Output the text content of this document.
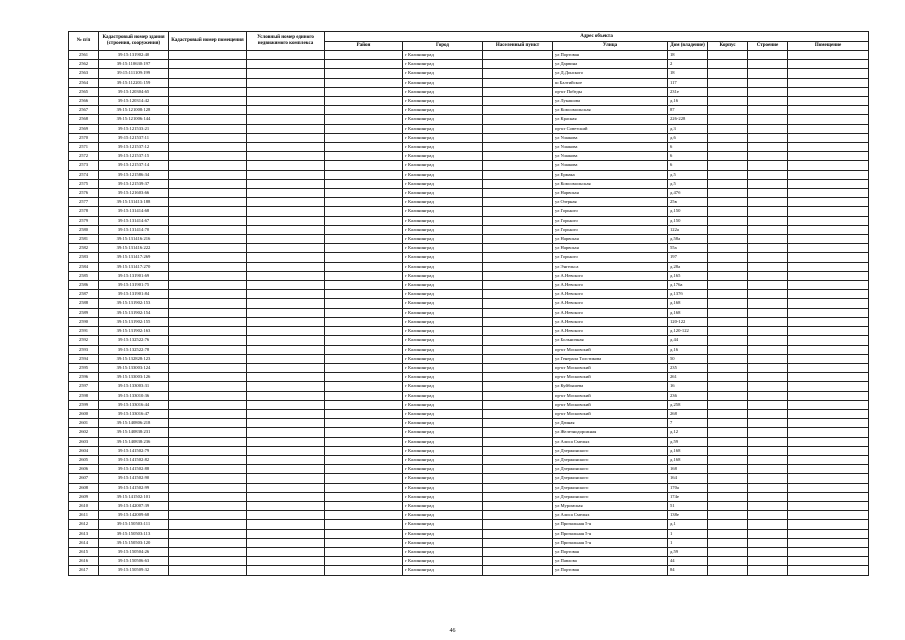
№ п/п	Кадастровый номер здания (строения, сооружения)	Кадастровый номер помещения	Условный номер единого недвижимого комплекса	Адрес объекта							
				Район	Город	Населенный пункт	Улица	Дом (владение)	Корпус	Строение	Помещение
2561	39:15:131902:40				г Калининград		ул Портовая	18			
2562	39:15:110630:197				г Калининград		ул Дарвина	2			
2563	39:15:111109:199				г Калининград		ул Д.Донского	18			
2564	39:15:112201:159				г Калининград		ш Балтийское	117			
2565	39:15:120304:65				г Калининград		пр-кт Победы	231е			
2566	39:15:120314:42				г Калининград		ул Лукашова	д.16			
2567	39:15:121008:128				г Калининград		ул Комсомольская	87			
2568	39:15:121006:144				г Калининград		ул Красная	226-228			
2569	39:15:121533:21				г Калининград		пр-кт Советский	д.3			
2570	39:15:121537:11				г Калининград		ул Ушакова	д.6			
2571	39:15:121537:12				г Калининград		ул Ушакова	6			
2572	39:15:121537:15				г Калининград		ул Ушакова	6			
2573	39:15:121537:14				г Калининград		ул Ушакова	6			
2574	39:15:121586:34				г Калининград		ул Ермака	д.5			
2575	39:15:121539:37				г Калининград		ул Комсомольская	д.5			
2576	39:15:121603:66				г Калининград		ул Нарвская	д.47б			
2577	39:15:131413:188				г Калининград		ул Озерная	25в			
2578	39:15:131414:68				г Калининград		ул Горького	д.150			
2579	39:15:131414:67				г Калининград		ул Горького	д.150			
2580	39:15:131414:70				г Калининград		ул Горького	122а			
2581	39:15:131416:216				г Калининград		ул Нарвская	д.58а			
2582	39:15:131416:222				г Калининград		ул Нарвская	55а			
2583	39:15:131417:269				г Калининград		ул Горького	197			
2584	39:15:131417:270				г Калининград		ул Энгельса	д.28а			
2585	39:15:131901:69				г Калининград		ул А.Невского	д.165			
2586	39:15:131901:75				г Калининград		ул А.Невского	д.176а			
2587	39:15:131901:84				г Калининград		ул А.Невского	д.137б			
2588	39:15:131902:153				г Калининград		ул А.Невского	д.168			
2589	39:15:131902:154				г Калининград		ул А.Невского	д.168			
2590	39:15:131902:155				г Калининград		ул А.Невского	120-122			
2591	39:15:131902:163				г Калининград		ул А.Невского	д.120-122			
2592	39:15:132522:76				г Калининград		ул Больничная	д.44			
2593	39:15:132522:78				г Калининград		пр-кт Московский	д.16			
2594	39:15:132828:123				г Калининград		ул Генерала Толстикова	50			
2595	39:15:133003:124				г Калининград		пр-кт Московский	235			
2596	39:15:133003:126				г Калининград		пр-кт Московский	261			
2597	39:15:133003:31				г Калининград		ул Куйбышева	16			
2598	39:15:133010:36				г Калининград		пр-кт Московский	236			
2599	39:15:133016:44				г Калининград		пр-кт Московский	д.258			
2600	39:15:133016:47				г Калининград		пр-кт Московский	268			
2601	39:15:140806:218				г Калининград		ул Дачная	7			
2602	39:15:140838:231				г Калининград		ул Железнодорожная	д.12			
2603	39:15:140838:236				г Калининград		ул Алиса Смелых	д.59			
2604	39:15:141502:79				г Калининград		ул Дзержинского	д.168			
2605	39:15:141502:82				г Калининград		ул Дзержинского	д.168			
2606	39:15:141502:88				г Калининград		ул Дзержинского	168			
2607	39:15:141502:90				г Калининград		ул Дзержинского	164			
2608	39:15:141502:99				г Калининград		ул Дзержинского	170а			
2609	39:15:141502:101				г Калининград		ул Дзержинского	174е			
2610	39:15:142007:39				г Калининград		ул Муромская	51			
2611	39:15:142009:68				г Калининград		ул Алиса Смелых	138е			
2612	39:15:150503:111				г Калининград		ул Причальная 5-я	д.1			
2613	39:15:150503:113				г Калининград		ул Причальная 5-я	1			
2614	39:15:150503:120				г Калининград		ул Причальная 5-я	1			
2615	39:15:150504:26				г Калининград		ул Портовая	д.59			
2616	39:15:150506:63				г Калининград		ул Павлова	44			
2617	39:15:150509:32				г Калининград		ул Портовая	84			
46
